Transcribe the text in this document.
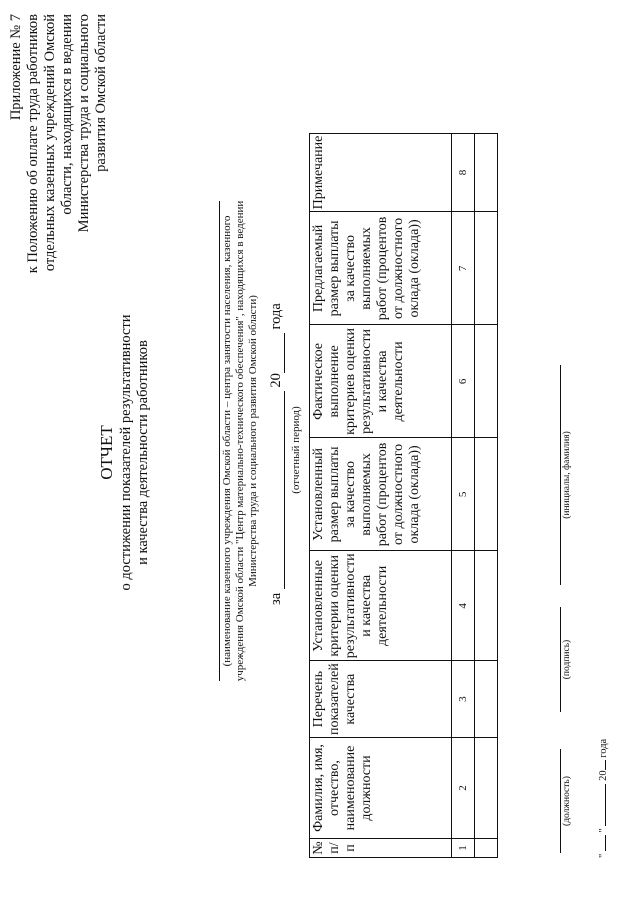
Приложение № 7 к Положению об оплате труда работников отдельных казенных учреждений Омской области, находящихся в ведении Министерства труда и социального развития Омской области
ОТЧЕТ о достижении показателей результативности и качества деятельности работников	(наименование казенного учреждения Омской области – центра занятости населения, казенного учреждения Омской области "Центр материально-технического обеспечения", находящихся в ведении Министерства труда и социального развития Омской области)
за  20 года
(отчетный период)
№ п/п	Фамилия, имя, отчество, наименование должности	Перечень показателей качества	Установленные критерии оценки результативности и качества деятельности	Установленный размер выплаты за качество выполняемых работ (процентов от должностного оклада (оклада))	Фактическое выполнение критериев оценки результативности и качества деятельности	Предлагаемый размер выплаты за качество выполняемых работ (процентов от должностного оклада (оклада))	Примечание
1	2	3	4	5	6	7	8

(должность)
(подпись)
(инициалы, фамилия)
"  "  20 года
